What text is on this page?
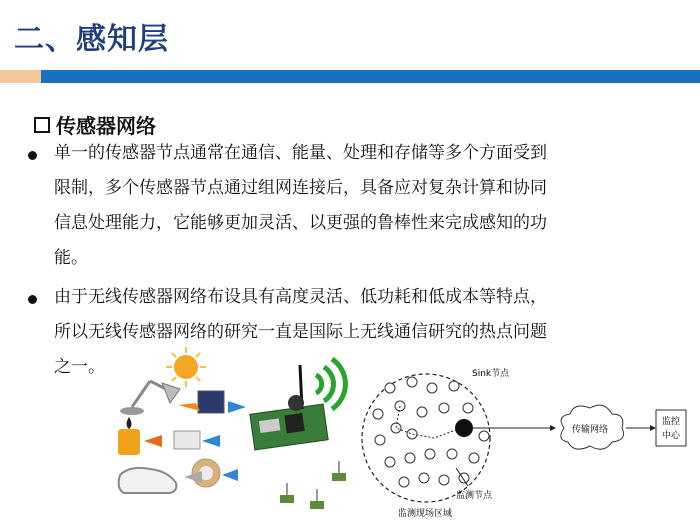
二、感知层
传感器网络
单一的传感器节点通常在通信、能量、处理和存储等多个方面受到
限制，多个传感器节点通过组网连接后，具备应对复杂计算和协同
信息处理能力，它能够更加灵活、以更强的鲁棒性来完成感知的功
能。
由于无线传感器网络布设具有高度灵活、低功耗和低成本等特点，
所以无线传感器网络的研究一直是国际上无线通信研究的热点问题
之一。	Sink节点
监测节点
监测现场区域
传输网络
监控
中心
